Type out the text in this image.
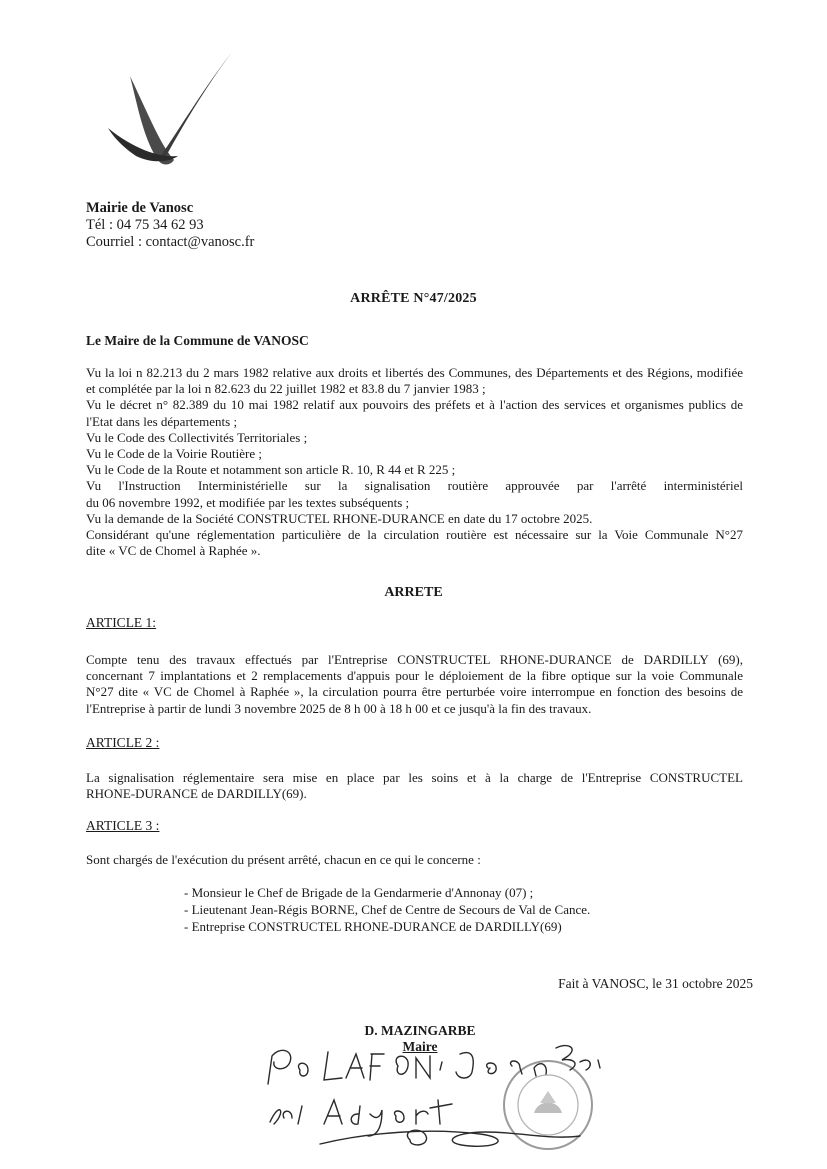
Mairie de Vanosc
Tél : 04 75 34 62 93
Courriel : contact@vanosc.fr
ARRÊTE N°47/2025
Le Maire de la Commune de VANOSC
Vu la loi n 82.213 du 2 mars 1982 relative aux droits et libertés des Communes, des Départements et des Régions, modifiée
et complétée par la loi n 82.623 du 22 juillet 1982 et 83.8 du 7 janvier 1983 ;
Vu le décret n° 82.389 du 10 mai 1982 relatif aux pouvoirs des préfets et à l'action des services et organismes publics de
l'Etat dans les départements ;
Vu le Code des Collectivités Territoriales ;
Vu le Code de la Voirie Routière ;
Vu le Code de la Route et notamment son article R. 10, R 44 et R 225 ;
Vu l'Instruction Interministérielle sur la signalisation routière approuvée par l'arrêté interministériel
du 06 novembre 1992, et modifiée par les textes subséquents ;
Vu la demande de la Société CONSTRUCTEL RHONE-DURANCE en date du 17 octobre 2025.
Considérant qu'une réglementation particulière de la circulation routière est nécessaire sur la Voie Communale N°27
dite « VC de Chomel à Raphée ».
ARRETE
ARTICLE 1:
Compte tenu des travaux effectués par l'Entreprise CONSTRUCTEL RHONE-DURANCE de DARDILLY (69),
concernant 7 implantations et 2 remplacements d'appuis pour le déploiement de la fibre optique sur la voie Communale
N°27 dite « VC de Chomel à Raphée », la circulation pourra être perturbée voire interrompue en fonction des besoins de
l'Entreprise à partir de lundi 3 novembre 2025 de 8 h 00 à 18 h 00 et ce jusqu'à la fin des travaux.
ARTICLE 2 :
La signalisation réglementaire sera mise en place par les soins et à la charge de l'Entreprise CONSTRUCTEL
RHONE-DURANCE de DARDILLY(69).
ARTICLE 3 :
Sont chargés de l'exécution du présent arrêté, chacun en ce qui le concerne :
- Monsieur le Chef de Brigade de la Gendarmerie d'Annonay (07) ;
- Lieutenant Jean-Régis BORNE, Chef de Centre de Secours de Val de Cance.
- Entreprise CONSTRUCTEL RHONE-DURANCE de DARDILLY(69)
Fait à VANOSC, le 31 octobre 2025
D. MAZINGARBE
Maire
